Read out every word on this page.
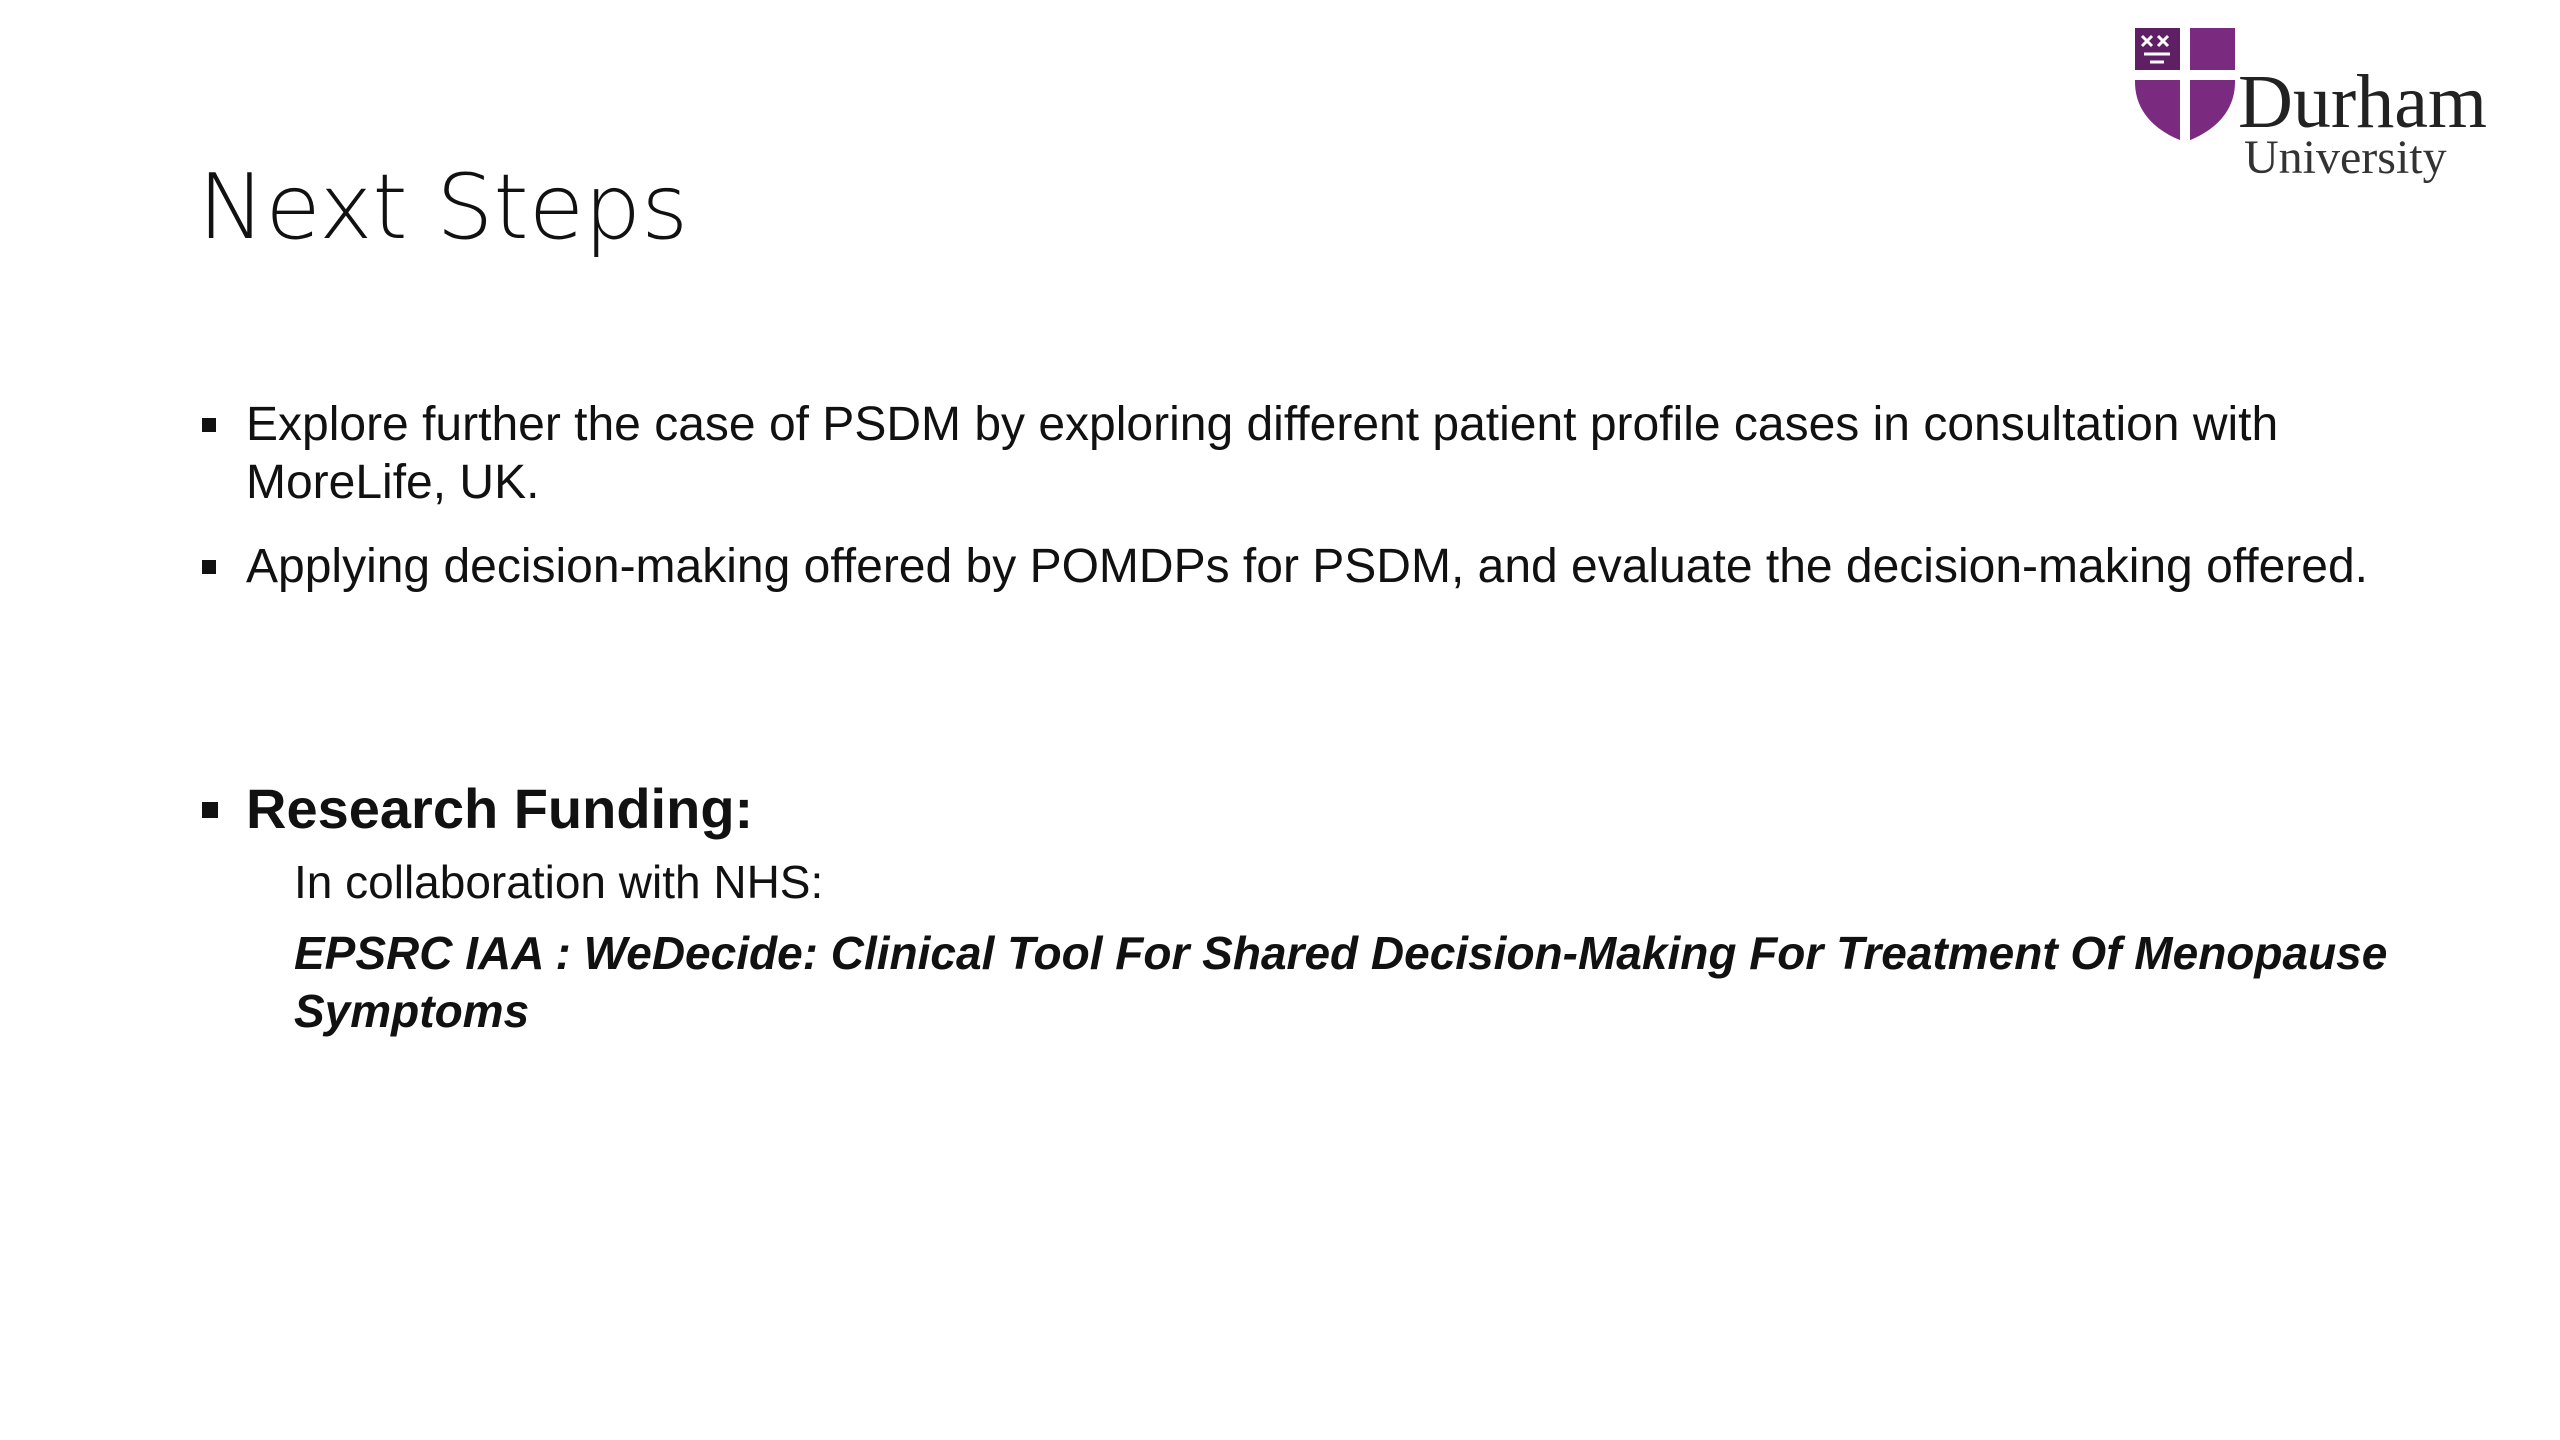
Durham
University
Next Steps
Explore further the case of PSDM by exploring different patient profile cases in consultation with MoreLife, UK.
Applying decision-making offered by POMDPs for PSDM, and evaluate the decision-making offered.
Research Funding:
In collaboration with NHS:
EPSRC IAA : WeDecide: Clinical Tool For Shared Decision-Making For Treatment Of Menopause Symptoms
